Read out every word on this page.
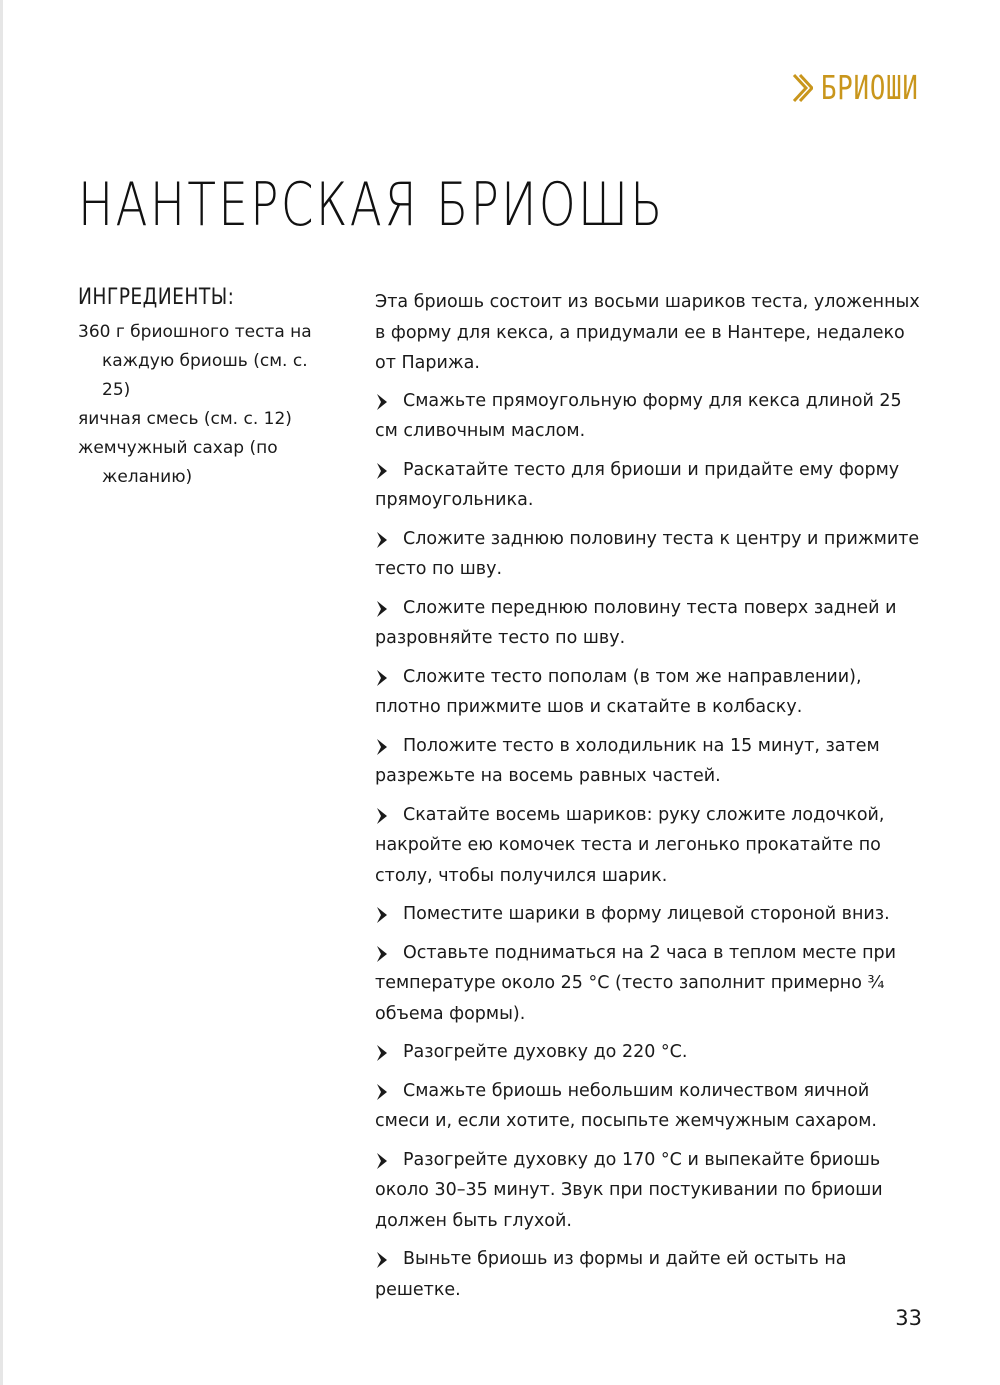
БРИОШИ
НАНТЕРСКАЯ БРИОШЬ
ИНГРЕДИЕНТЫ:
360 г бриошного теста на каждую бриошь (см. с. 25)
яичная смесь (см. с. 12)
жемчужный сахар (по желанию)

Эта бриошь состоит из восьми шариков теста, уложенных в форму для кекса, а придумали ее в Нантере, недалеко от Парижа.

Смажьте прямоугольную форму для кекса длиной 25 см сливочным маслом.
Раскатайте тесто для бриоши и придайте ему форму прямоугольника.
Сложите заднюю половину теста к центру и прижмите тесто по шву.
Сложите переднюю половину теста поверх задней и разровняйте тесто по шву.
Сложите тесто пополам (в том же направлении), плотно прижмите шов и скатайте в колбаску.
Положите тесто в холодильник на 15 минут, затем разрежьте на восемь равных частей.
Скатайте восемь шариков: руку сложите лодочкой, накройте ею комочек теста и легонько прокатайте по столу, чтобы получился шарик.
Поместите шарики в форму лицевой стороной вниз.
Оставьте подниматься на 2 часа в теплом месте при температуре около 25 °С (тесто заполнит примерно ¾ объема формы).
Разогрейте духовку до 220 °С.
Смажьте бриошь небольшим количеством яичной смеси и, если хотите, посыпьте жемчужным сахаром.
Разогрейте духовку до 170 °С и выпекайте бриошь около 30–35 минут. Звук при постукивании по бриоши должен быть глухой.
Выньте бриошь из формы и дайте ей остыть на решетке.
33
